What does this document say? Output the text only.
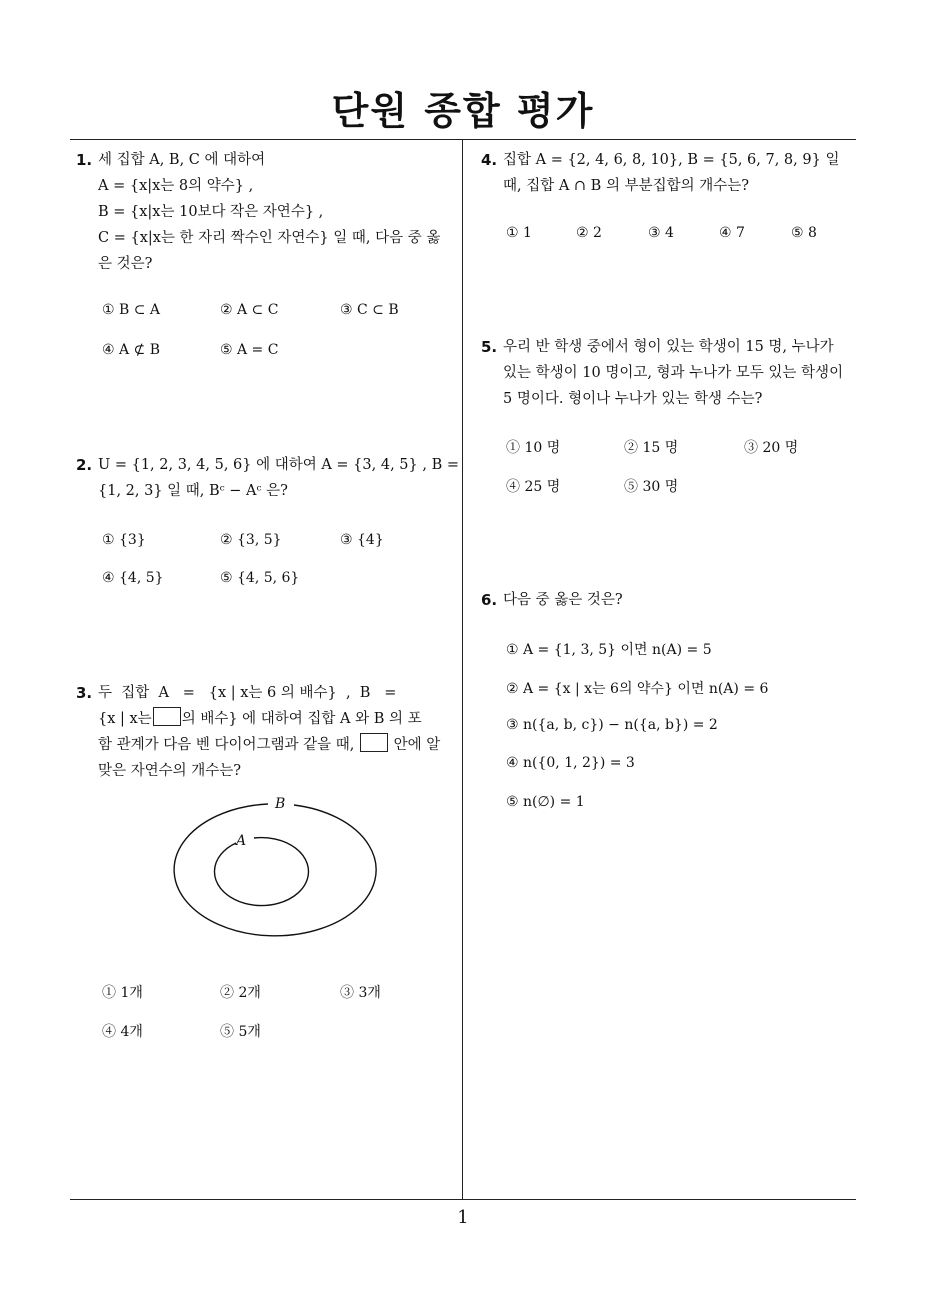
단원 종합 평가
1
1. 세 집합 A, B, C 에 대하여
A = {x|x는 8의 약수} ,
B = {x|x는 10보다 작은 자연수} ,
C = {x|x는 한 자리 짝수인 자연수} 일 때, 다음 중 옳
은 것은?
① B ⊂ A	② A ⊂ C	③ C ⊂ B
④ A ⊄ B	⑤ A = C
2. U = {1, 2, 3, 4, 5, 6} 에 대하여 A = {3, 4, 5} , B =
{1, 2, 3} 일 때, Bᶜ − Aᶜ 은?
① {3}	② {3, 5}	③ {4}
④ {4, 5}	⑤ {4, 5, 6}
3. 두  집합  A   =   {x | x는 6 의 배수}  ,  B   =
{x | x는 의 배수} 에 대하여 집합 A 와 B 의 포
함 관계가 다음 벤 다이어그램과 같을 때,	안에 알
맞은 자연수의 개수는?
B
A
① 1개	② 2개	③ 3개
④ 4개	⑤ 5개
4. 집합 A = {2, 4, 6, 8, 10}, B = {5, 6, 7, 8, 9} 일
때, 집합 A ∩ B 의 부분집합의 개수는?
① 1	② 2	③ 4	④ 7	⑤ 8
5. 우리 반 학생 중에서 형이 있는 학생이 15 명, 누나가
있는 학생이 10 명이고, 형과 누나가 모두 있는 학생이
5 명이다. 형이나 누나가 있는 학생 수는?
① 10 명	② 15 명	③ 20 명
④ 25 명	⑤ 30 명
6. 다음 중 옳은 것은?
① A = {1, 3, 5} 이면 n(A) = 5
② A = {x | x는 6의 약수} 이면 n(A) = 6
③ n({a, b, c}) − n({a, b}) = 2
④ n({0, 1, 2}) = 3
⑤ n(∅) = 1
